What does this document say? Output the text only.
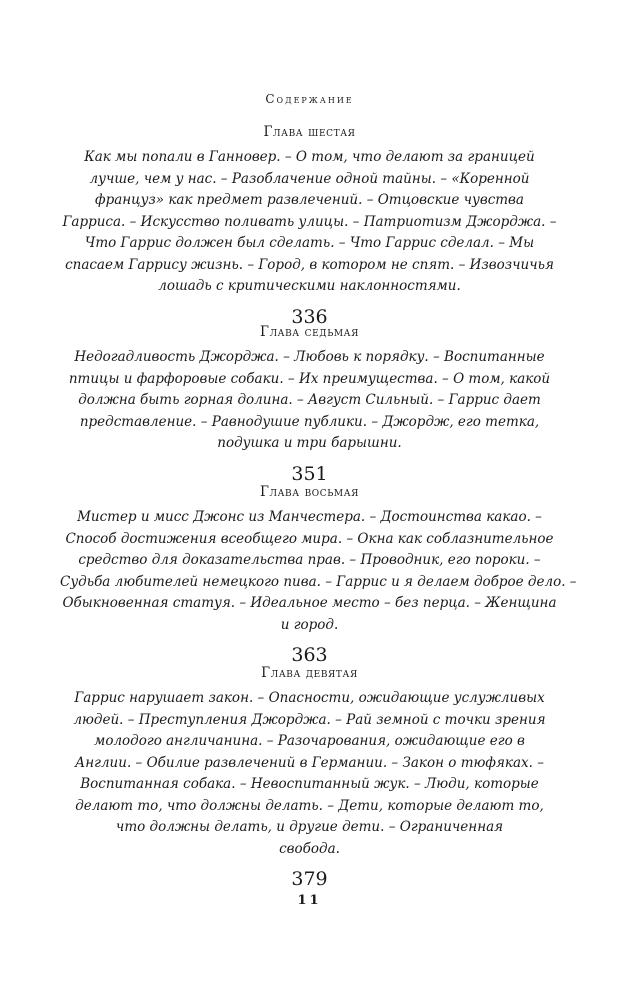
Содержание
Глава шестая
Как мы попали в Ганновер. – О том, что делают за границей
лучше, чем у нас. – Разоблачение одной тайны. – «Коренной
француз» как предмет развлечений. – Отцовские чувства
Гарриса. – Искусство поливать улицы. – Патриотизм Джорджа. –
Что Гаррис должен был сделать. – Что Гаррис сделал. – Мы
спасаем Гаррису жизнь. – Город, в котором не спят. – Извозчичья
лошадь с критическими наклонностями.
336
Глава седьмая
Недогадливость Джорджа. – Любовь к порядку. – Воспитанные
птицы и фарфоровые собаки. – Их преимущества. – О том, какой
должна быть горная долина. – Август Сильный. – Гаррис дает
представление. – Равнодушие публики. – Джордж, его тетка,
подушка и три барышни.
351
Глава восьмая
Мистер и мисс Джонс из Манчестера. – Достоинства какао. –
Способ достижения всеобщего мира. – Окна как соблазнительное
средство для доказательства прав. – Проводник, его пороки. –
Судьба любителей немецкого пива. – Гаррис и я делаем доброе дело. –
Обыкновенная статуя. – Идеальное место – без перца. – Женщина
и город.
363
Глава девятая
Гаррис нарушает закон. – Опасности, ожидающие услужливых
людей. – Преступления Джорджа. – Рай земной с точки зрения
молодого англичанина. – Разочарования, ожидающие его в
Англии. – Обилие развлечений в Германии. – Закон о тюфяках. –
Воспитанная собака. – Невоспитанный жук. – Люди, которые
делают то, что должны делать. – Дети, которые делают то,
что должны делать, и другие дети. – Ограниченная
свобода.
379
11
